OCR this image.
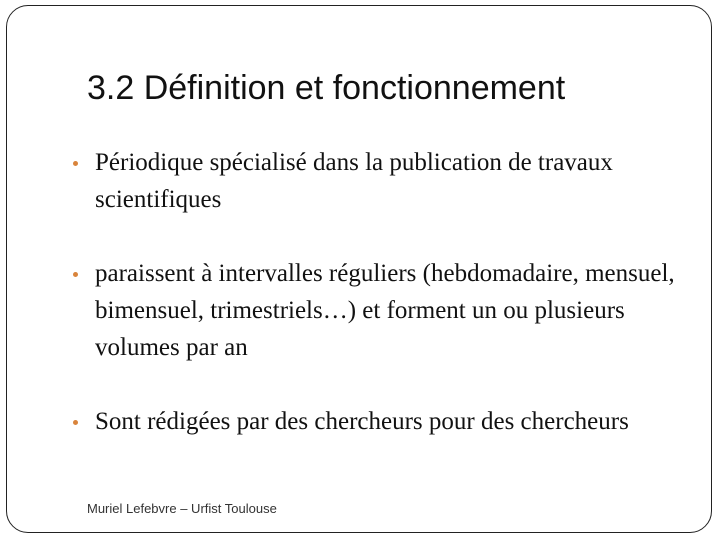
3.2 Définition et fonctionnement
Périodique spécialisé dans la publication de travaux scientifiques
paraissent à intervalles réguliers (hebdomadaire, mensuel, bimensuel, trimestriels…) et forment un ou plusieurs volumes par an
Sont rédigées par des chercheurs pour des chercheurs
Muriel Lefebvre – Urfist Toulouse
